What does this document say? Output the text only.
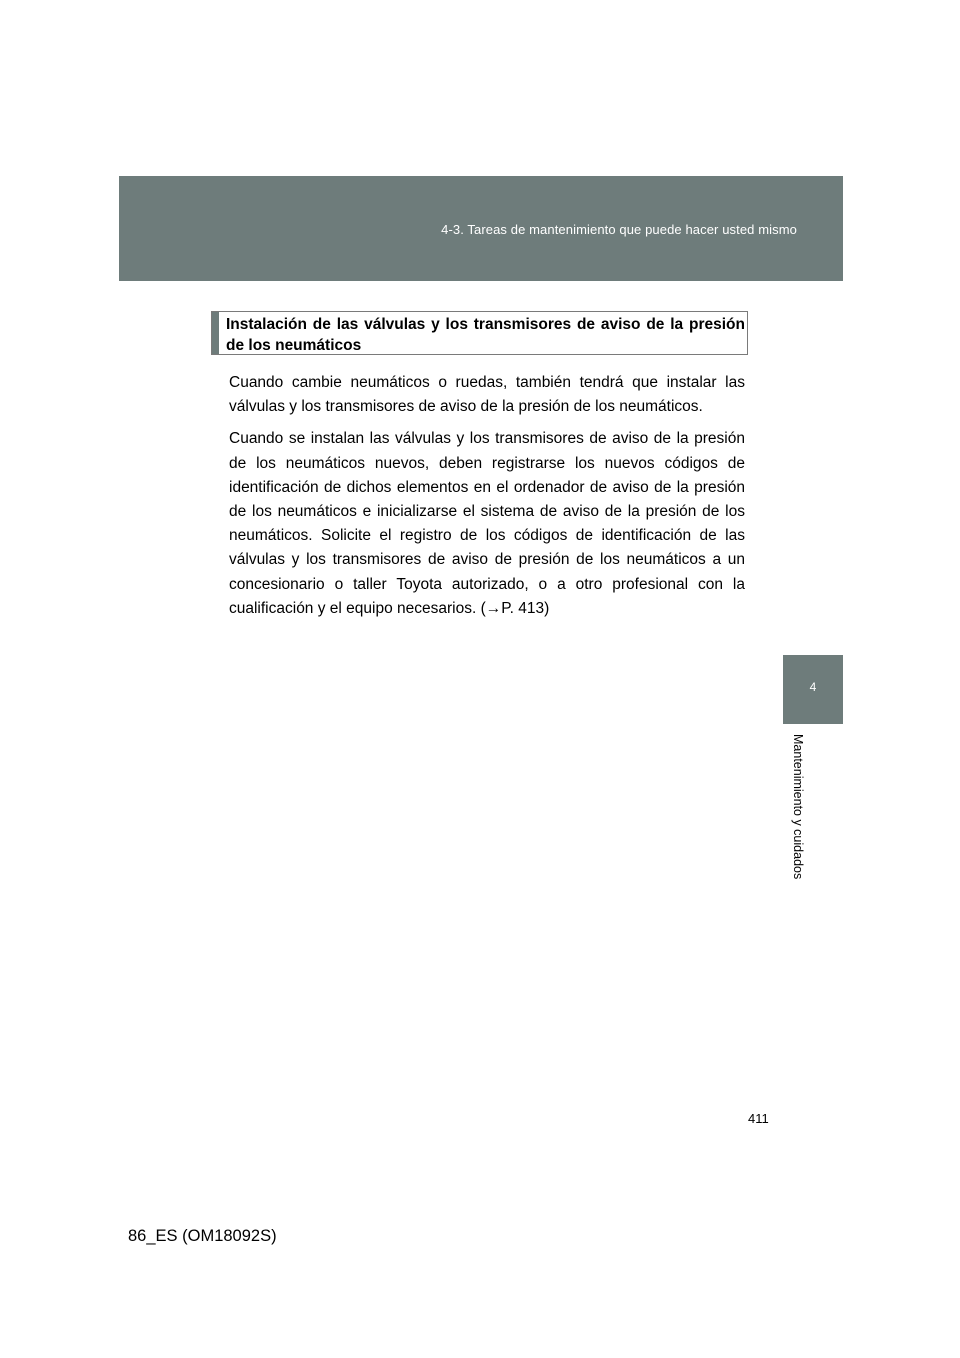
4-3. Tareas de mantenimiento que puede hacer usted mismo
4
Mantenimiento y cuidados
Instalación de las válvulas y los transmisores de aviso de la presión de los neumáticos

Cuando cambie neumáticos o ruedas, también tendrá que instalar las válvulas y los transmisores de aviso de la presión de los neumáticos.

Cuando se instalan las válvulas y los transmisores de aviso de la presión de los neumáticos nuevos, deben registrarse los nuevos códigos de identificación de dichos elementos en el ordenador de aviso de la presión de los neumáticos e inicializarse el sistema de aviso de la presión de los neumáticos. Solicite el registro de los códigos de identificación de las válvulas y los transmisores de aviso de presión de los neumáticos a un concesionario o taller Toyota autorizado, o a otro profesional con la cualificación y el equipo necesarios. (→P. 413)

411
86_ES (OM18092S)
